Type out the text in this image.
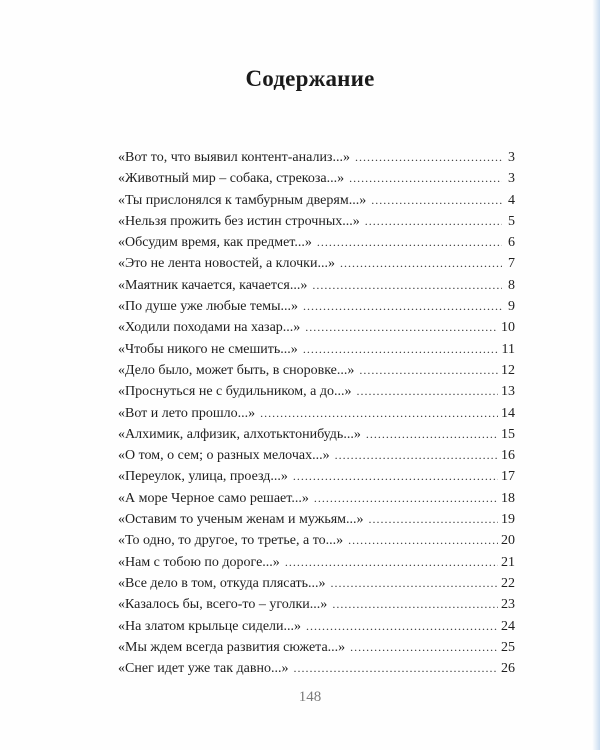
Содержание
«Вот то, что выявил контент-анализ...» .....	3
«Животный мир – собака, стрекоза...» .....	3
«Ты прислонялся к тамбурным дверям...» .....	4
«Нельзя прожить без истин строчных...» .....	5
«Обсудим время, как предмет...» .....	6
«Это не лента новостей, а клочки...» .....	7
«Маятник качается, качается...» .....	8
«По душе уже любые темы...» .....	9
«Ходили походами на хазар...» .....	10
«Чтобы никого не смешить...» .....	11
«Дело было, может быть, в сноровке...» .....	12
«Проснуться не с будильником, а до...» .....	13
«Вот и лето прошло...» .....	14
«Алхимик, алфизик, алхотьктонибудь...» .....	15
«О том, о сем; о разных мелочах...» .....	16
«Переулок, улица, проезд...» .....	17
«А море Черное само решает...» .....	18
«Оставим то ученым женам и мужьям...» .....	19
«То одно, то другое, то третье, а то...» .....	20
«Нам с тобою по дороге...» .....	21
«Все дело в том, откуда плясать...» .....	22
«Казалось бы, всего-то – уголки...» .....	23
«На златом крыльце сидели...» .....	24
«Мы ждем всегда развития сюжета...» .....	25
«Снег идет уже так давно...» .....	26
148
